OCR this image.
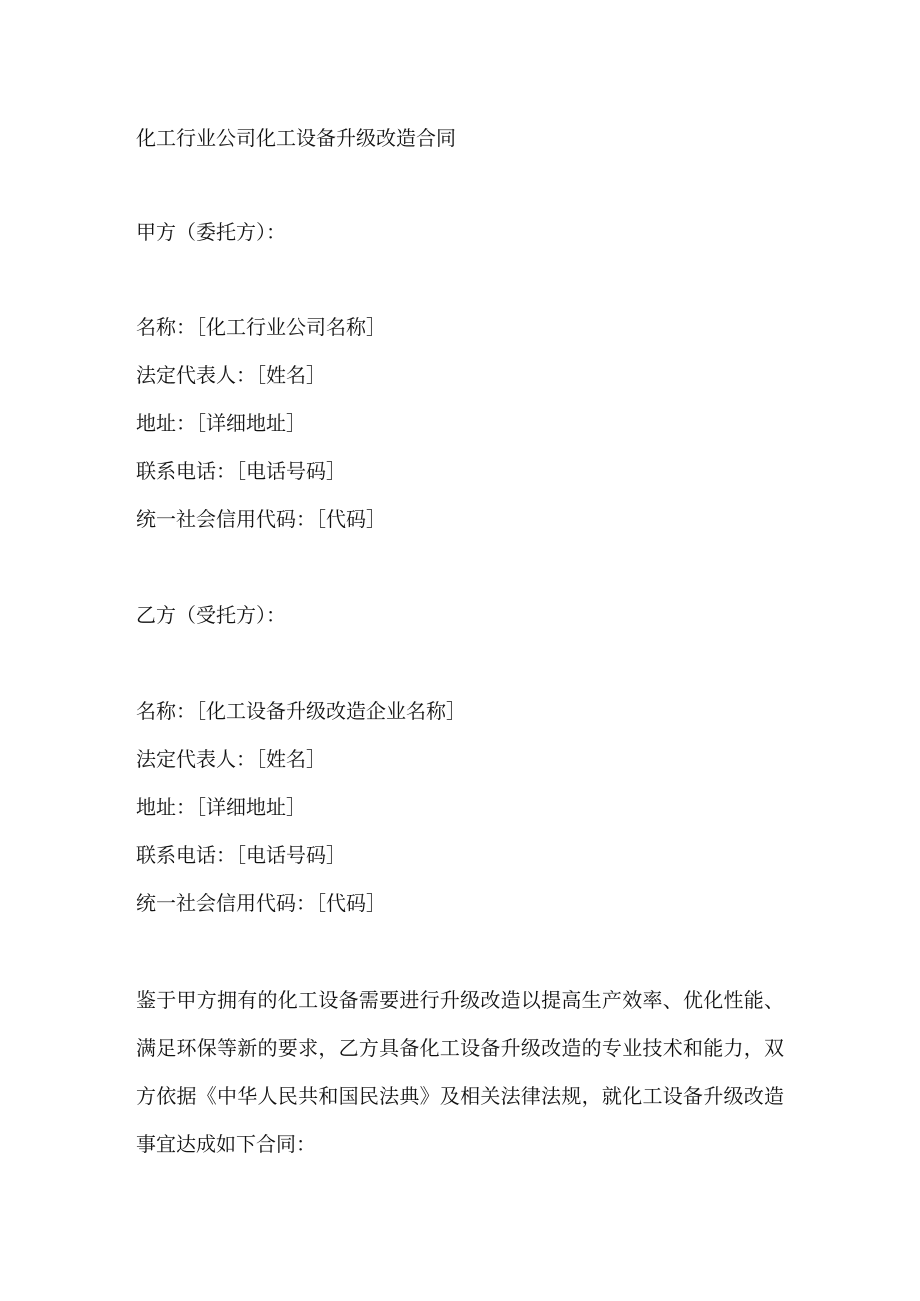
化工行业公司化工设备升级改造合同
甲方（委托方）：
名称：［化工行业公司名称］
法定代表人：［姓名］
地址：［详细地址］
联系电话：［电话号码］
统一社会信用代码：［代码］
乙方（受托方）：
名称：［化工设备升级改造企业名称］
法定代表人：［姓名］
地址：［详细地址］
联系电话：［电话号码］
统一社会信用代码：［代码］
鉴于甲方拥有的化工设备需要进行升级改造以提高生产效率、优化性能、满足环保等新的要求，乙方具备化工设备升级改造的专业技术和能力，双方依据《中华人民共和国民法典》及相关法律法规，就化工设备升级改造事宜达成如下合同：
